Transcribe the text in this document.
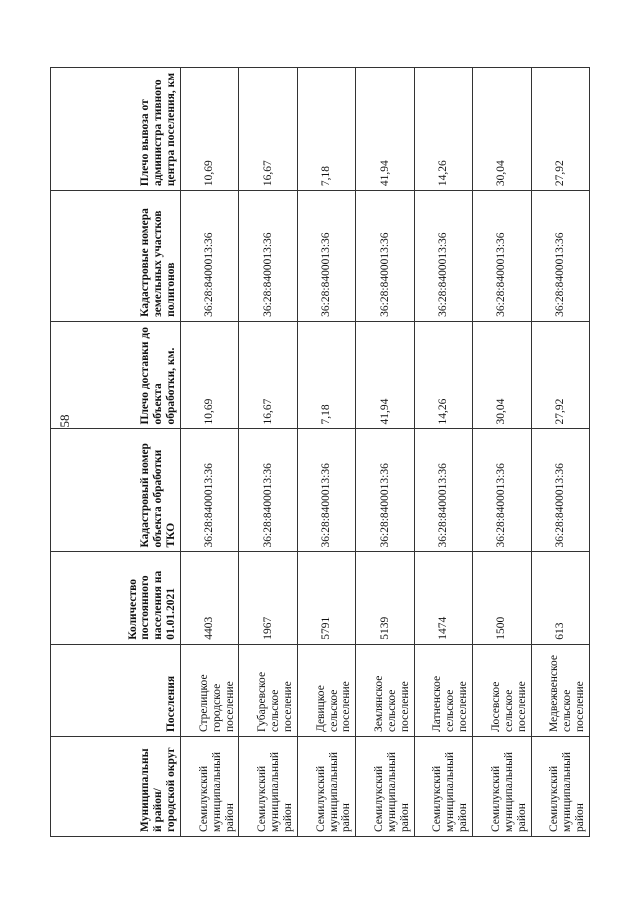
58
Муниципальны й район/ городской округ	Поселения	Количество постоянного населения на 01.01.2021	Кадастровый номер объекта обработки ТКО	Плечо доставки до объекта обработки, км.	Кадастровые номера земельных участков полигонов	Плечо вывоза от администра тивного центра поселения, км
Семилукский муниципальный район	Стрелицкое городское поселение	4403	36:28:8400013:36	10,69	36:28:8400013:36	10,69
Семилукский муниципальный район	Губаревское сельское поселение	1967	36:28:8400013:36	16,67	36:28:8400013:36	16,67
Семилукский муниципальный район	Девицкое сельское поселение	5791	36:28:8400013:36	7,18	36:28:8400013:36	7,18
Семилукский муниципальный район	Землянское сельское поселение	5139	36:28:8400013:36	41,94	36:28:8400013:36	41,94
Семилукский муниципальный район	Латненское сельское поселение	1474	36:28:8400013:36	14,26	36:28:8400013:36	14,26
Семилукский муниципальный район	Лосевское сельское поселение	1500	36:28:8400013:36	30,04	36:28:8400013:36	30,04
Семилукский муниципальный район	Медвежвенское сельское поселение	613	36:28:8400013:36	27,92	36:28:8400013:36	27,92
